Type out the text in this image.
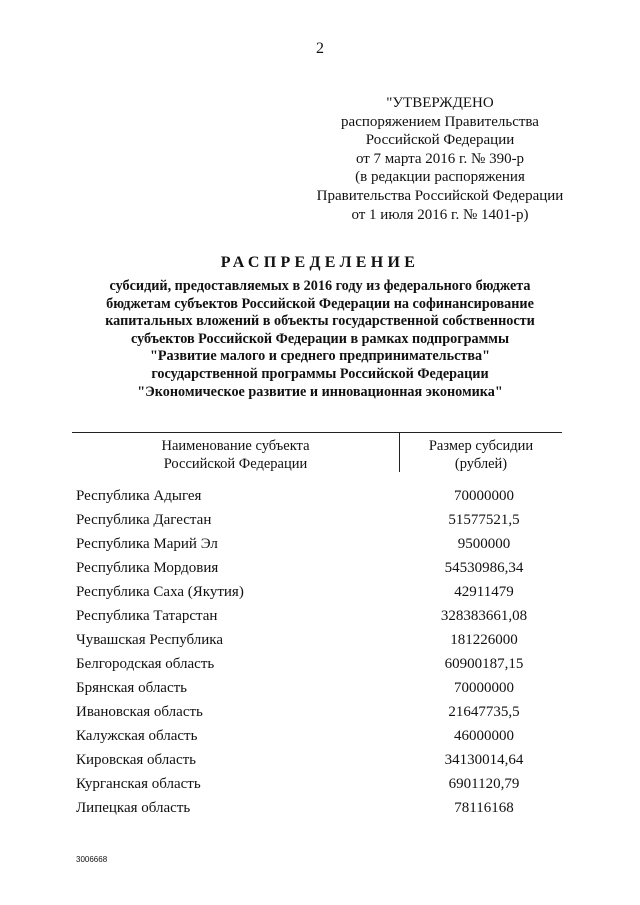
2
"УТВЕРЖДЕНО
распоряжением Правительства
Российской Федерации
от 7 марта 2016 г. № 390-р
(в редакции распоряжения
Правительства Российской Федерации
от 1 июля 2016 г. № 1401-р)
РАСПРЕДЕЛЕНИЕ
субсидий, предоставляемых в 2016 году из федерального бюджета
бюджетам субъектов Российской Федерации на софинансирование
капитальных вложений в объекты государственной собственности
субъектов Российской Федерации в рамках подпрограммы
"Развитие малого и среднего предпринимательства"
государственной программы Российской Федерации
"Экономическое развитие и инновационная экономика"
Наименование субъекта
Российской Федерации
Размер субсидии
(рублей)
Республика Адыгея	70000000
Республика Дагестан	51577521,5
Республика Марий Эл	9500000
Республика Мордовия	54530986,34
Республика Саха (Якутия)	42911479
Республика Татарстан	328383661,08
Чувашская Республика	181226000
Белгородская область	60900187,15
Брянская область	70000000
Ивановская область	21647735,5
Калужская область	46000000
Кировская область	34130014,64
Курганская область	6901120,79
Липецкая область	78116168
3006668
